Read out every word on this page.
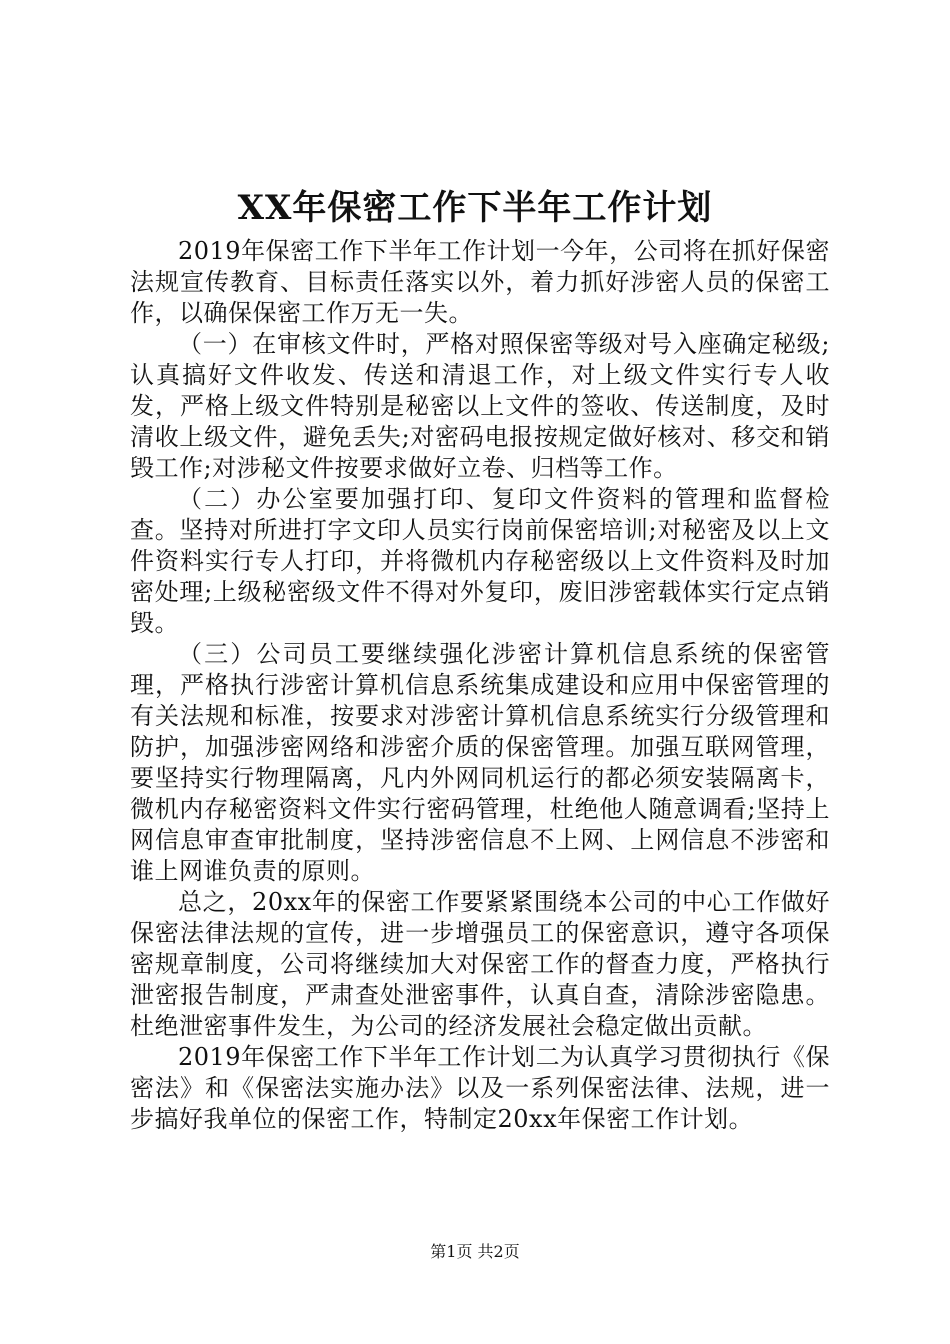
XX年保密工作下半年工作计划

2019年保密工作下半年工作计划一今年，公司将在抓好保密法规宣传教育、目标责任落实以外，着力抓好涉密人员的保密工作，以确保保密工作万无一失。

（一）在审核文件时，严格对照保密等级对号入座确定秘级;认真搞好文件收发、传送和清退工作，对上级文件实行专人收发，严格上级文件特别是秘密以上文件的签收、传送制度，及时清收上级文件，避免丢失;对密码电报按规定做好核对、移交和销毁工作;对涉秘文件按要求做好立卷、归档等工作。

（二）办公室要加强打印、复印文件资料的管理和监督检查。坚持对所进打字文印人员实行岗前保密培训;对秘密及以上文件资料实行专人打印，并将微机内存秘密级以上文件资料及时加密处理;上级秘密级文件不得对外复印，废旧涉密载体实行定点销毁。

（三）公司员工要继续强化涉密计算机信息系统的保密管理，严格执行涉密计算机信息系统集成建设和应用中保密管理的有关法规和标准，按要求对涉密计算机信息系统实行分级管理和防护，加强涉密网络和涉密介质的保密管理。加强互联网管理，要坚持实行物理隔离，凡内外网同机运行的都必须安装隔离卡，微机内存秘密资料文件实行密码管理，杜绝他人随意调看;坚持上网信息审查审批制度，坚持涉密信息不上网、上网信息不涉密和谁上网谁负责的原则。

总之，20xx年的保密工作要紧紧围绕本公司的中心工作做好保密法律法规的宣传，进一步增强员工的保密意识，遵守各项保密规章制度，公司将继续加大对保密工作的督查力度，严格执行泄密报告制度，严肃查处泄密事件，认真自查，清除涉密隐患。杜绝泄密事件发生，为公司的经济发展社会稳定做出贡献。

2019年保密工作下半年工作计划二为认真学习贯彻执行《保密法》和《保密法实施办法》以及一系列保密法律、法规，进一步搞好我单位的保密工作，特制定20xx年保密工作计划。

第1页 共2页
